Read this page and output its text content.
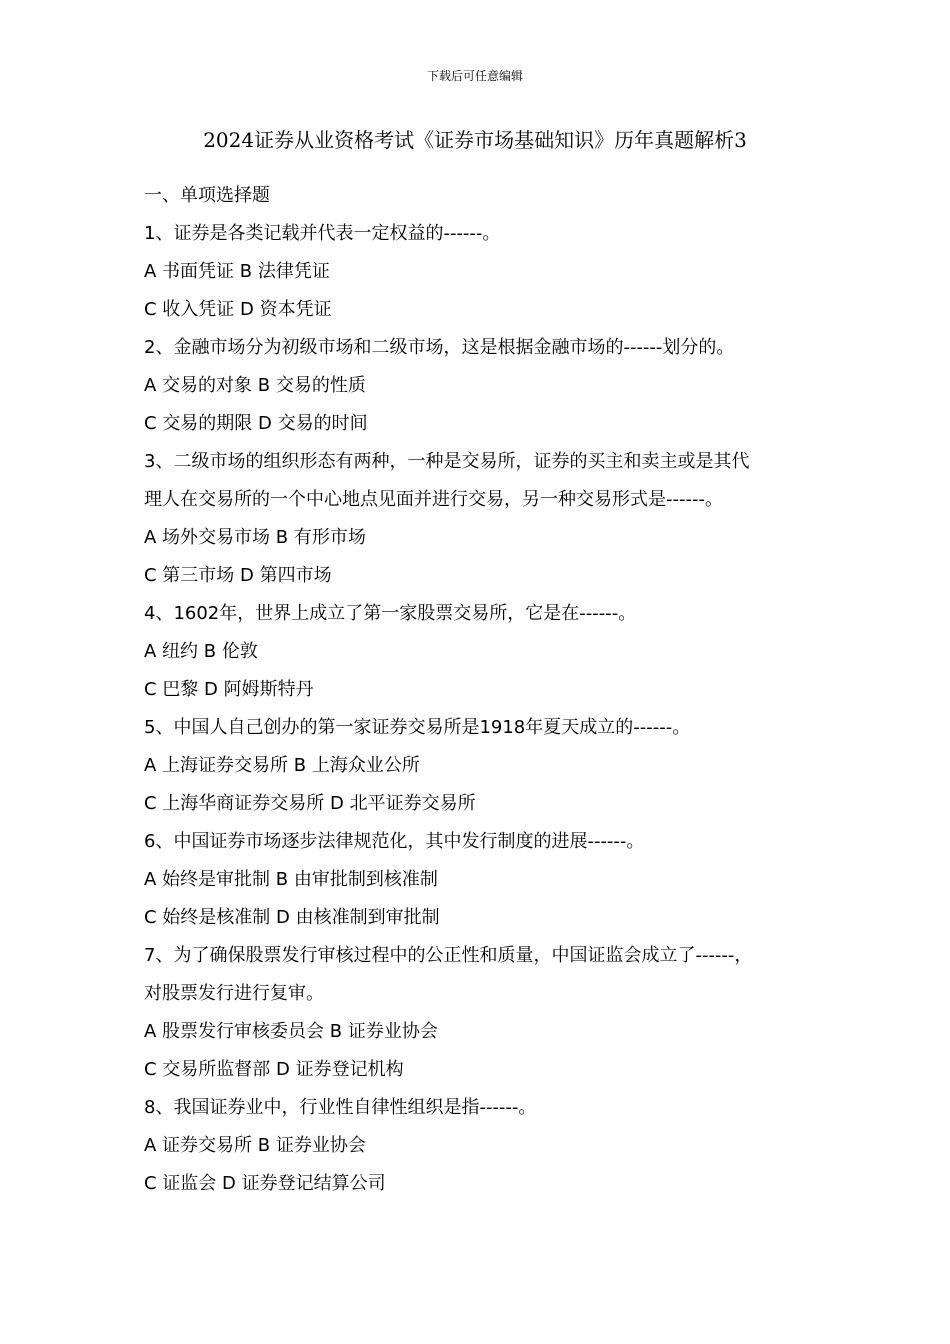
下载后可任意编辑
2024证券从业资格考试《证券市场基础知识》历年真题解析3
一、单项选择题
1、证券是各类记载并代表一定权益的------。
A 书面凭证 B 法律凭证
C 收入凭证 D 资本凭证
2、金融市场分为初级市场和二级市场，这是根据金融市场的------划分的。
A 交易的对象 B 交易的性质
C 交易的期限 D 交易的时间
3、二级市场的组织形态有两种，一种是交易所，证券的买主和卖主或是其代
理人在交易所的一个中心地点见面并进行交易，另一种交易形式是------。
A 场外交易市场 B 有形市场
C 第三市场 D 第四市场
4、1602年，世界上成立了第一家股票交易所，它是在------。
A 纽约 B 伦敦
C 巴黎 D 阿姆斯特丹
5、中国人自己创办的第一家证券交易所是1918年夏天成立的------。
A 上海证券交易所 B 上海众业公所
C 上海华商证券交易所 D 北平证券交易所
6、中国证券市场逐步法律规范化，其中发行制度的进展------。
A 始终是审批制 B 由审批制到核准制
C 始终是核准制 D 由核准制到审批制
7、为了确保股票发行审核过程中的公正性和质量，中国证监会成立了------，
对股票发行进行复审。
A 股票发行审核委员会 B 证券业协会
C 交易所监督部 D 证券登记机构
8、我国证券业中，行业性自律性组织是指------。
A 证券交易所 B 证券业协会
C 证监会 D 证券登记结算公司
